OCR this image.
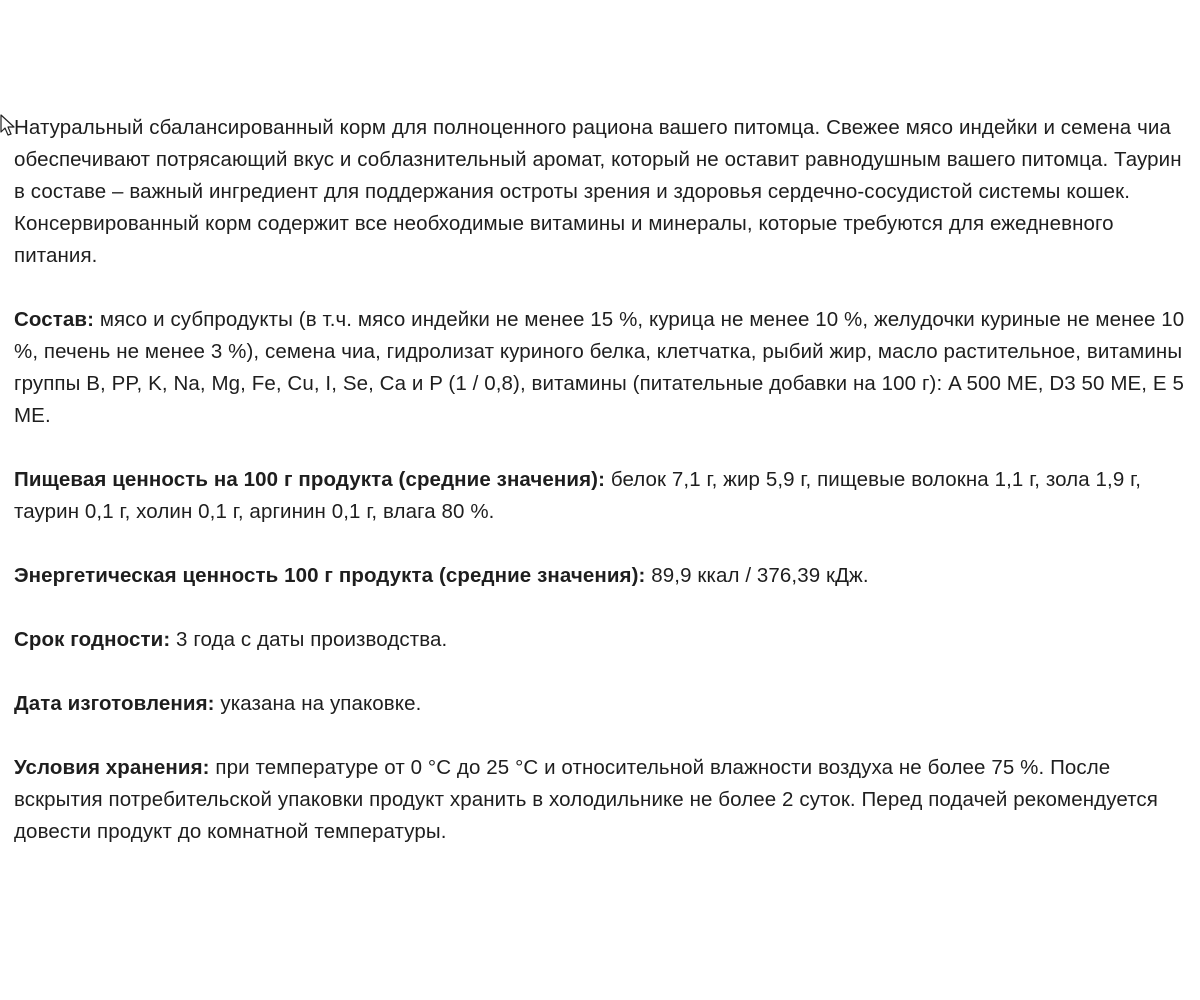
Натуральный сбалансированный корм для полноценного рациона вашего питомца. Свежее мясо индейки и семена чиа обеспечивают потрясающий вкус и соблазнительный аромат, который не оставит равнодушным вашего питомца. Таурин в составе – важный ингредиент для поддержания остроты зрения и здоровья сердечно-сосудистой системы кошек. Консервированный корм содержит все необходимые витамины и минералы, которые требуются для ежедневного питания.

Состав: мясо и субпродукты (в т.ч. мясо индейки не менее 15 %, курица не менее 10 %, желудочки куриные не менее 10 %, печень не менее 3 %), семена чиа, гидролизат куриного белка, клетчатка, рыбий жир, масло растительное, витамины группы B, PP, K, Na, Mg, Fe, Cu, I, Se, Ca и P (1 / 0,8), витамины (питательные добавки на 100 г): A 500 МЕ, D3 50 МЕ, E 5 МЕ.

Пищевая ценность на 100 г продукта (средние значения): белок 7,1 г, жир 5,9 г, пищевые волокна 1,1 г, зола 1,9 г, таурин 0,1 г, холин 0,1 г, аргинин 0,1 г, влага 80 %.

Энергетическая ценность 100 г продукта (средние значения): 89,9 ккал / 376,39 кДж.

Срок годности: 3 года с даты производства.

Дата изготовления: указана на упаковке.

Условия хранения: при температуре от 0 °C до 25 °C и относительной влажности воздуха не более 75 %. После вскрытия потребительской упаковки продукт хранить в холодильнике не более 2 суток. Перед подачей рекомендуется довести продукт до комнатной температуры.
